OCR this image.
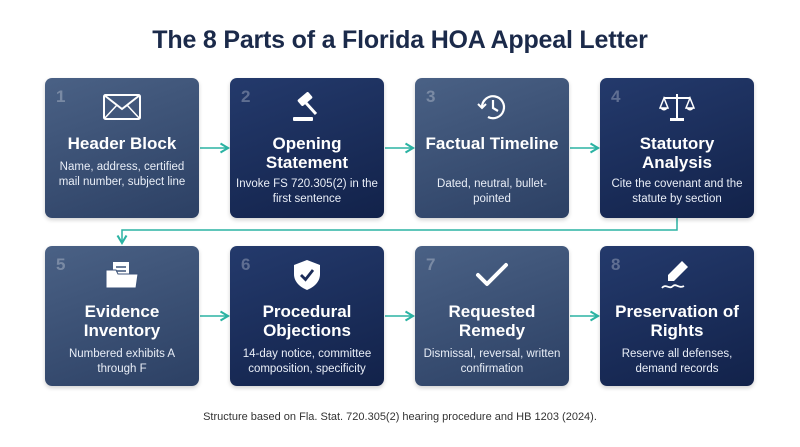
The 8 Parts of a Florida HOA Appeal Letter
1
Header Block
Name, address, certified mail number, subject line
2
Opening Statement
Invoke FS 720.305(2) in the first sentence
3
Factual Timeline
Dated, neutral, bullet-pointed
4
Statutory Analysis
Cite the covenant and the statute by section
5
Evidence Inventory
Numbered exhibits A through F
6
Procedural Objections
14-day notice, committee composition, specificity
7
Requested Remedy
Dismissal, reversal, written confirmation
8
Preservation of Rights
Reserve all defenses, demand records
Structure based on Fla. Stat. 720.305(2) hearing procedure and HB 1203 (2024).
